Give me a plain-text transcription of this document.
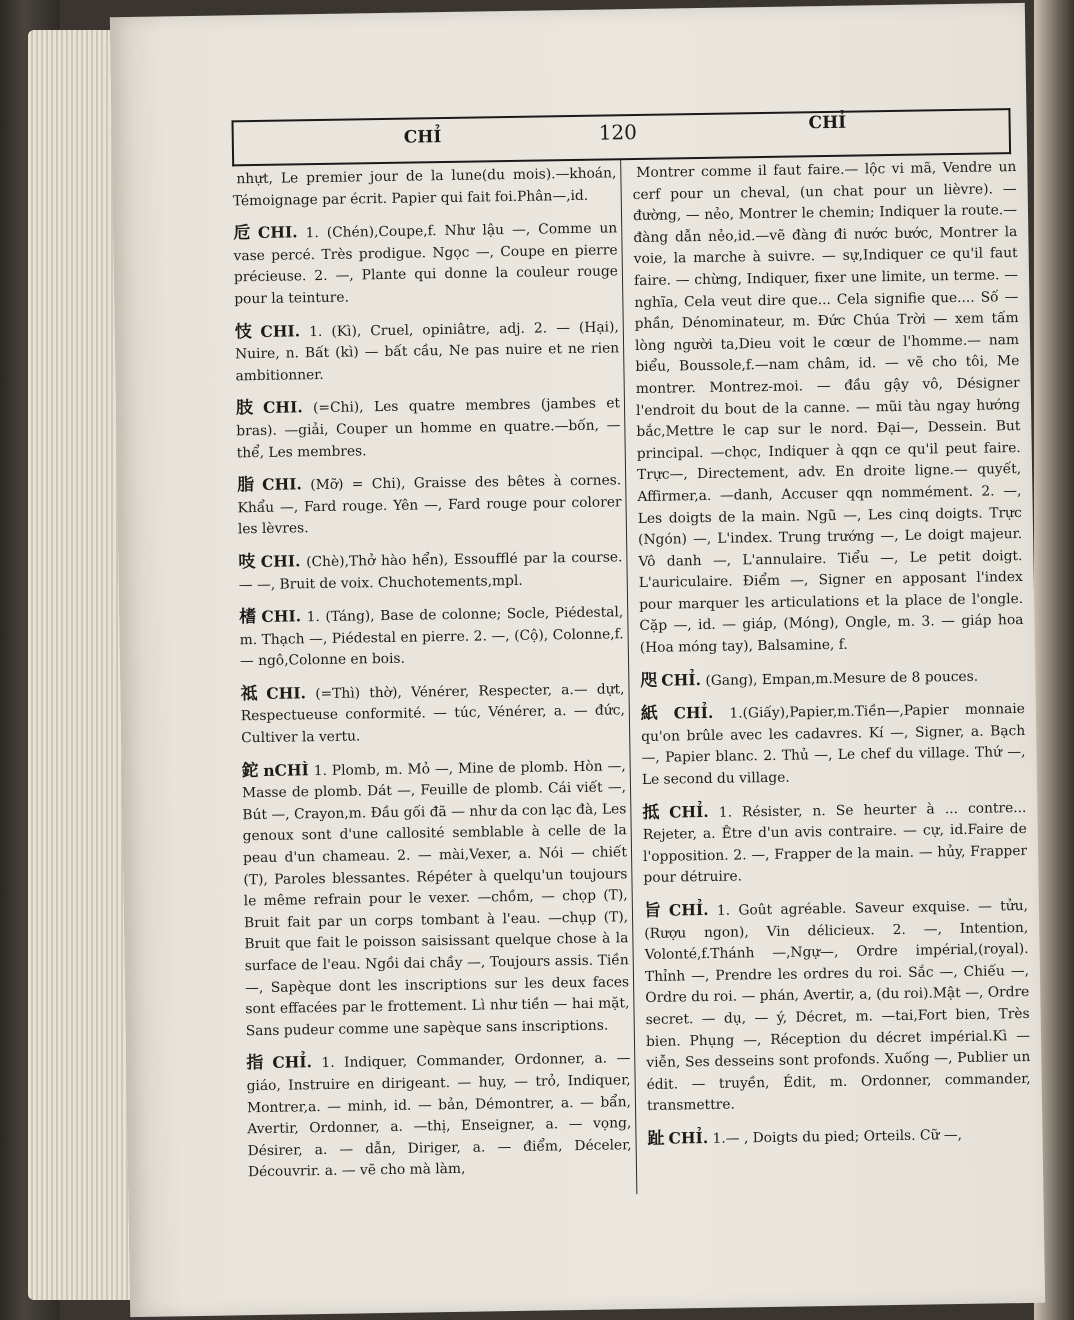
CHỈ	120	CHỈ

nhựt, Le premier jour de la lune(du mois).—khoán, Témoignage par écrit. Papier qui fait foi.Phân—,id.

卮 CHI. 1. (Chén),Coupe,f. Như lậu —, Comme un vase percé. Très prodigue. Ngọc —, Coupe en pierre précieuse. 2. —, Plante qui donne la couleur rouge pour la teinture.

忮 CHI. 1. (Kì), Cruel, opiniâtre, adj. 2. — (Hại), Nuire, n. Bất (kì) — bất cầu, Ne pas nuire et ne rien ambitionner.

肢 CHI. (=Chi), Les quatre membres (jambes et bras). —giải, Couper un homme en quatre.—bốn, — thể, Les membres.

脂 CHI. (Mỡ) = Chi), Graisse des bêtes à cornes. Khẩu —, Fard rouge. Yên —, Fard rouge pour colorer les lèvres.

吱 CHI. (Chè),Thở hào hển), Essoufflé par la course. — —, Bruit de voix. Chuchotements,mpl.

榰 CHI. 1. (Táng), Base de colonne; Socle, Piédestal, m. Thạch —, Piédestal en pierre. 2. —, (Cộ), Colonne,f. — ngô,Colonne en bois.

祗 CHI. (=Thì) thờ), Vénérer, Respecter, a.— dựt, Respectueuse conformité. — túc, Vénérer, a. — đức, Cultiver la vertu.

鉈 nCHÌ 1. Plomb, m. Mỏ —, Mine de plomb. Hòn —, Masse de plomb. Dát —, Feuille de plomb. Cái viết —, Bút —, Crayon,m. Đầu gối đã — như da con lạc đà, Les genoux sont d'une callosité semblable à celle de la peau d'un chameau. 2. — mài,Vexer, a. Nói — chiết (T), Paroles blessantes. Répéter à quelqu'un toujours le même refrain pour le vexer. —chồm, — chọp (T), Bruit fait par un corps tombant à l'eau. —chụp (T), Bruit que fait le poisson saisissant quelque chose à la surface de l'eau. Ngồi dai chầy —, Toujours assis. Tiền —, Sapèque dont les inscriptions sur les deux faces sont effacées par le frottement. Lì như tiền — hai mặt, Sans pudeur comme une sapèque sans inscriptions.

指 CHỈ. 1. Indiquer, Commander, Ordonner, a. — giáo, Instruire en dirigeant. — huy, — trỏ, Indiquer, Montrer,a. — minh, id. — bản, Démontrer, a. — bẩn, Avertir, Ordonner, a. —thị, Enseigner, a. — vọng, Désirer, a. — dẫn, Diriger, a. — điểm, Déceler, Découvrir. a. — vẽ cho mà làm,

Montrer comme il faut faire.— lộc vi mã, Vendre un cerf pour un cheval, (un chat pour un lièvre). — đường, — nẻo, Montrer le chemin; Indiquer la route.— đàng dẫn nẻo,id.—vẽ đàng đi nước bước, Montrer la voie, la marche à suivre. — sự,Indiquer ce qu'il faut faire. — chừng, Indiquer, fixer une limite, un terme. — nghĩa, Cela veut dire que... Cela signifie que.... Số — phần, Dénominateur, m. Đức Chúa Trời — xem tấm lòng người ta,Dieu voit le cœur de l'homme.— nam biểu, Boussole,f.—nam châm, id. — vẽ cho tôi, Me montrer. Montrez-moi. — đầu gậy vô, Désigner l'endroit du bout de la canne. — mũi tàu ngay hướng bắc,Mettre le cap sur le nord. Đại—, Dessein. But principal. —chọc, Indiquer à qqn ce qu'il peut faire. Trực—, Directement, adv. En droite ligne.— quyết, Affirmer,a. —danh, Accuser qqn nommément. 2. —, Les doigts de la main. Ngũ —, Les cinq doigts. Trực (Ngón) —, L'index. Trung trướng —, Le doigt majeur. Vô danh —, L'annulaire. Tiểu —, Le petit doigt. L'auriculaire. Điểm —, Signer en apposant l'index pour marquer les articulations et la place de l'ongle. Cặp —, id. — giáp, (Móng), Ongle, m. 3. — giáp hoa (Hoa móng tay), Balsamine, f.

咫 CHỈ. (Gang), Empan,m.Mesure de 8 pouces.

紙 CHỈ. 1.(Giấy),Papier,m.Tiền—,Papier monnaie qu'on brûle avec les cadavres. Kí —, Signer, a. Bạch —, Papier blanc. 2. Thủ —, Le chef du village. Thứ —, Le second du village.

抵 CHỈ. 1. Résister, n. Se heurter à ... contre... Rejeter, a. Être d'un avis contraire. — cự, id.Faire de l'opposition. 2. —, Frapper de la main. — hủy, Frapper pour détruire.

旨 CHỈ. 1. Goût agréable. Saveur exquise. — tửu, (Rượu ngon), Vin délicieux. 2. —, Intention, Volonté,f.Thánh —,Ngự—, Ordre impérial,(royal). Thỉnh —, Prendre les ordres du roi. Sắc —, Chiếu —, Ordre du roi. — phán, Avertir, a, (du roi).Mật —, Ordre secret. — dụ, — ý, Décret, m. —tai,Fort bien, Très bien. Phụng —, Réception du décret impérial.Kì — viễn, Ses desseins sont profonds. Xuống —, Publier un édit. — truyền, Édit, m. Ordonner, commander, transmettre.

趾 CHỈ. 1.— , Doigts du pied; Orteils. Cữ —,
